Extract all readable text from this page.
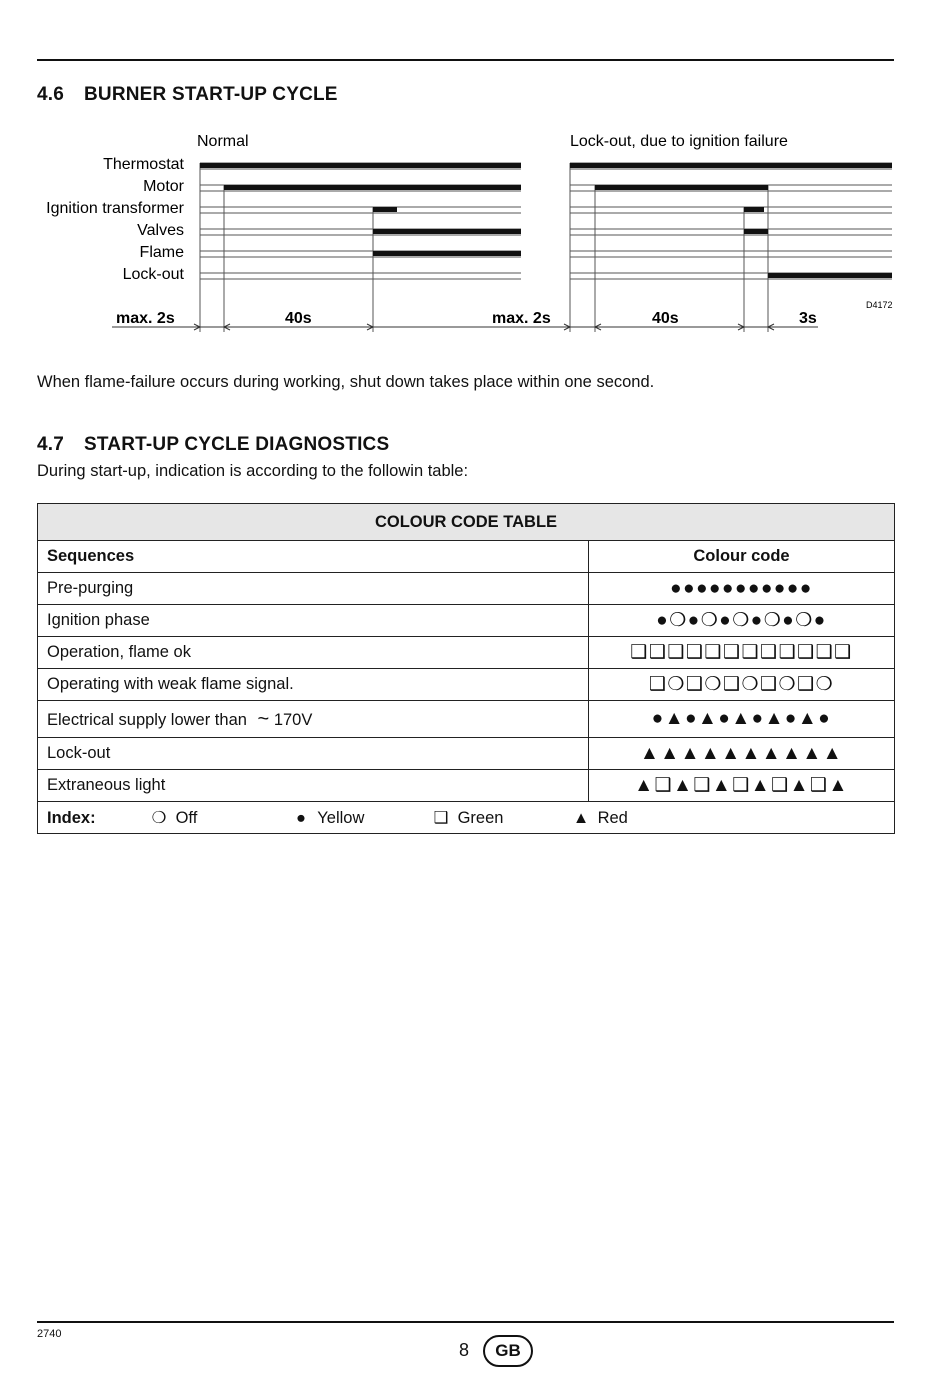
4.6 BURNER START-UP CYCLE
Normal	Lock-out, due to ignition failure
Thermostat
Motor
Ignition transformer
Valves
Flame
Lock-out
max. 2s	40s	max. 2s	40s	3s
D4172
When flame-failure occurs during working, shut down takes place within one second.
4.7 START-UP CYCLE DIAGNOSTICS
During start-up, indication is according to the followin table:
COLOUR CODE TABLE	
Sequences	Colour code
Pre-purging	●●●●●●●●●●●
Ignition phase	●❍●❍●❍●❍●❍●
Operation, flame ok	❑❑❑❑❑❑❑❑❑❑❑❑
Operating with weak flame signal.	❑❍❑❍❑❍❑❍❑❍
Electrical supply lower than ~ 170V	●▲●▲●▲●▲●▲●
Lock-out	▲▲▲▲▲▲▲▲▲▲
Extraneous light	▲❑▲❑▲❑▲❑▲❑▲
Index: ❍ Off ● Yellow ❑ Green ▲ Red	
2740
8	GB
